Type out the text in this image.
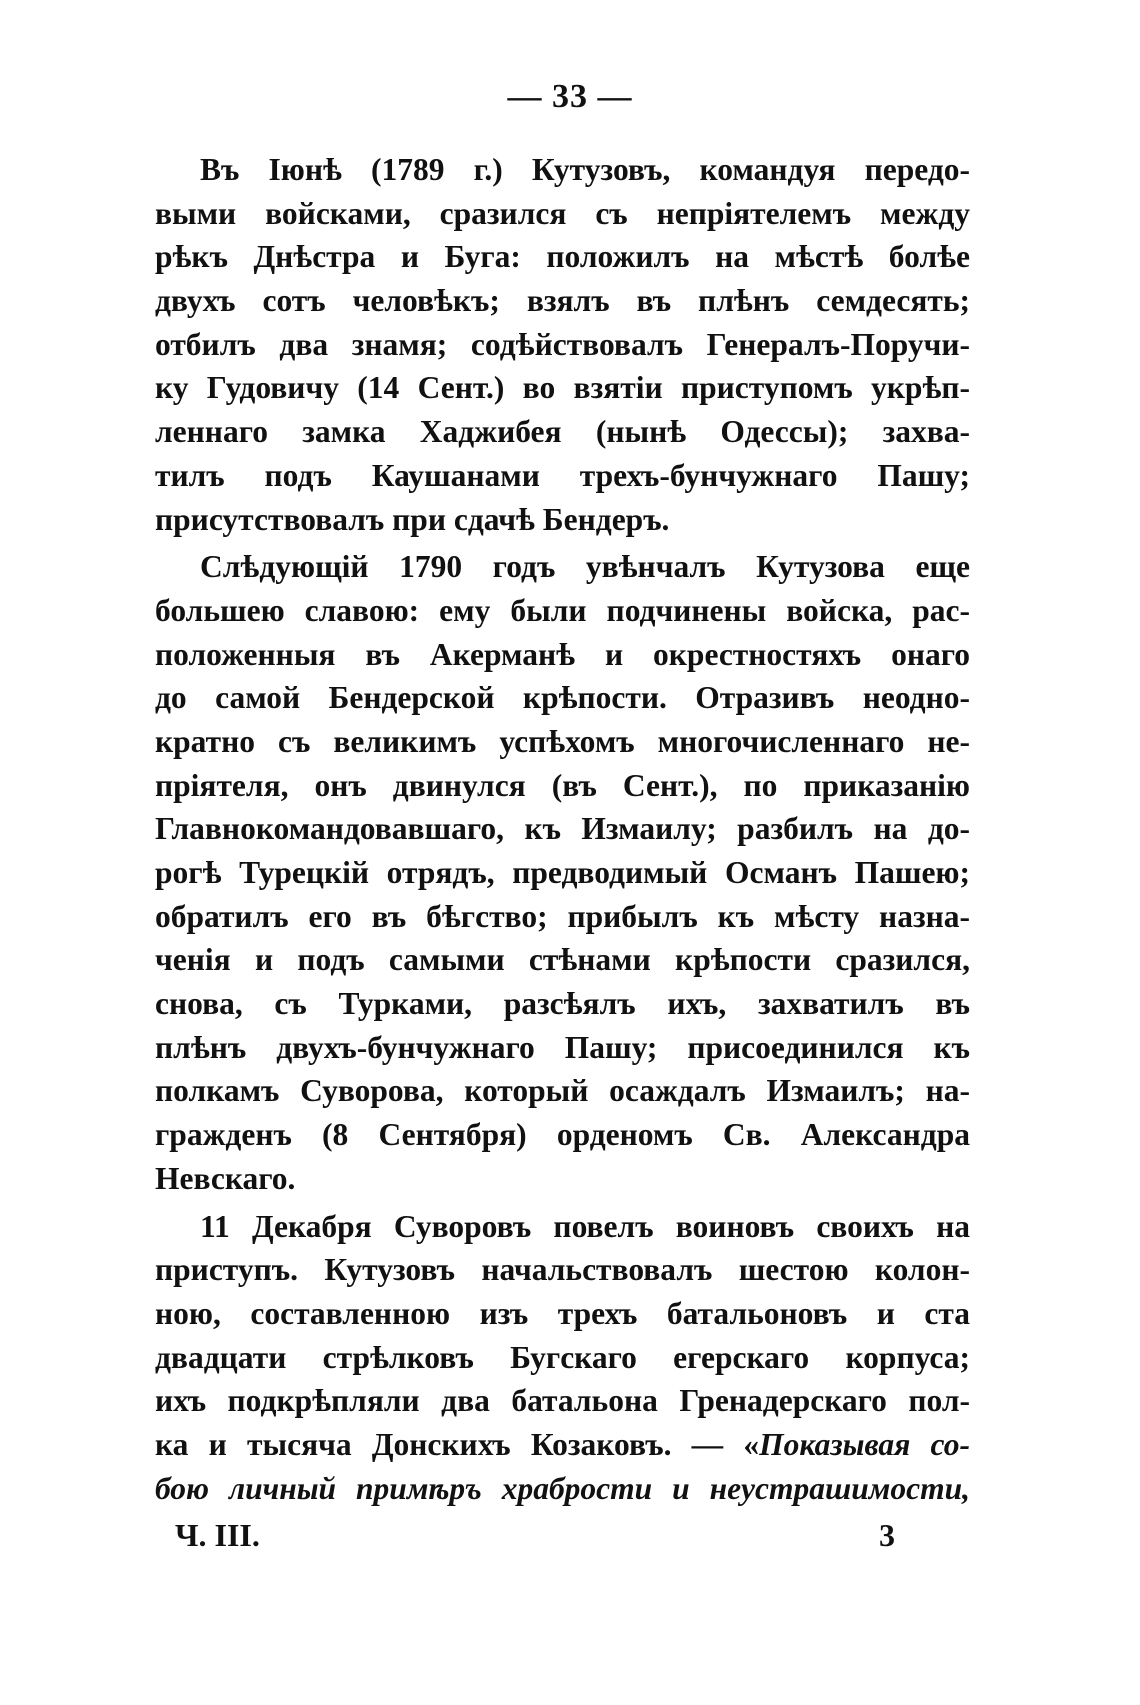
— 33 —
Въ Іюнѣ (1789 г.) Кутузовъ, командуя передо-
выми войсками, сразился съ непріятелемъ между
рѣкъ Днѣстра и Буга: положилъ на мѣстѣ болѣе
двухъ сотъ человѣкъ; взялъ въ плѣнъ семдесять;
отбилъ два знамя; содѣйствовалъ Генералъ-Поручи-
ку Гудовичу (14 Сент.) во взятіи приступомъ укрѣп-
леннаго замка Хаджибея (нынѣ Одессы); захва-
тилъ подъ Каушанами трехъ-бунчужнаго Пашу;
присутствовалъ при сдачѣ Бендеръ.
Слѣдующій 1790 годъ увѣнчалъ Кутузова еще
большею славою: ему были подчинены войска, рас-
положенныя въ Акерманѣ и окрестностяхъ онаго
до самой Бендерской крѣпости. Отразивъ неодно-
кратно съ великимъ успѣхомъ многочисленнаго не-
пріятеля, онъ двинулся (въ Сент.), по приказанію
Главнокомандовавшаго, къ Измаилу; разбилъ на до-
рогѣ Турецкій отрядъ, предводимый Османъ Пашею;
обратилъ его въ бѣгство; прибылъ къ мѣсту назна-
ченія и подъ самыми стѣнами крѣпости сразился,
снова, съ Турками, разсѣялъ ихъ, захватилъ въ
плѣнъ двухъ-бунчужнаго Пашу; присоединился къ
полкамъ Суворова, который осаждалъ Измаилъ; на-
гражденъ (8 Сентября) орденомъ Св. Александра
Невскаго.
11 Декабря Суворовъ повелъ воиновъ своихъ на
приступъ. Кутузовъ начальствовалъ шестою колон-
ною, составленною изъ трехъ батальоновъ и ста
двадцати стрѣлковъ Бугскаго егерскаго корпуса;
ихъ подкрѣпляли два батальона Гренадерскаго пол-
ка и тысяча Донскихъ Козаковъ. — «Показывая со-
бою личный примѣръ храбрости и неустрашимости,
Ч. III.	3
